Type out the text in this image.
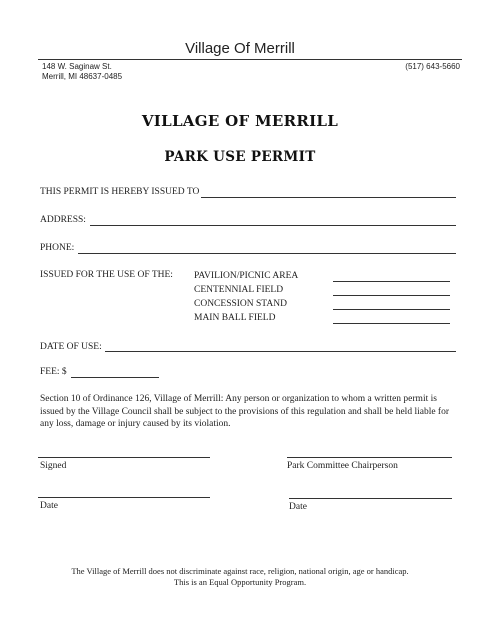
Village Of Merrill
148 W. Saginaw St.
Merrill, MI 48637-0485
(517) 643-5660
VILLAGE OF MERRILL
PARK USE PERMIT
THIS PERMIT IS HEREBY ISSUED TO
ADDRESS:
PHONE:
ISSUED FOR THE USE OF THE: PAVILION/PICNIC AREA
CENTENNIAL FIELD
CONCESSION STAND
MAIN BALL FIELD
DATE OF USE:
FEE: $
Section 10 of Ordinance 126, Village of Merrill: Any person or organization to whom a written permit is issued by the Village Council shall be subject to the provisions of this regulation and shall be held liable for any loss, damage or injury caused by its violation.
Signed	Park Committee Chairperson
Date	Date
The Village of Merrill does not discriminate against race, religion, national origin, age or handicap.
This is an Equal Opportunity Program.
